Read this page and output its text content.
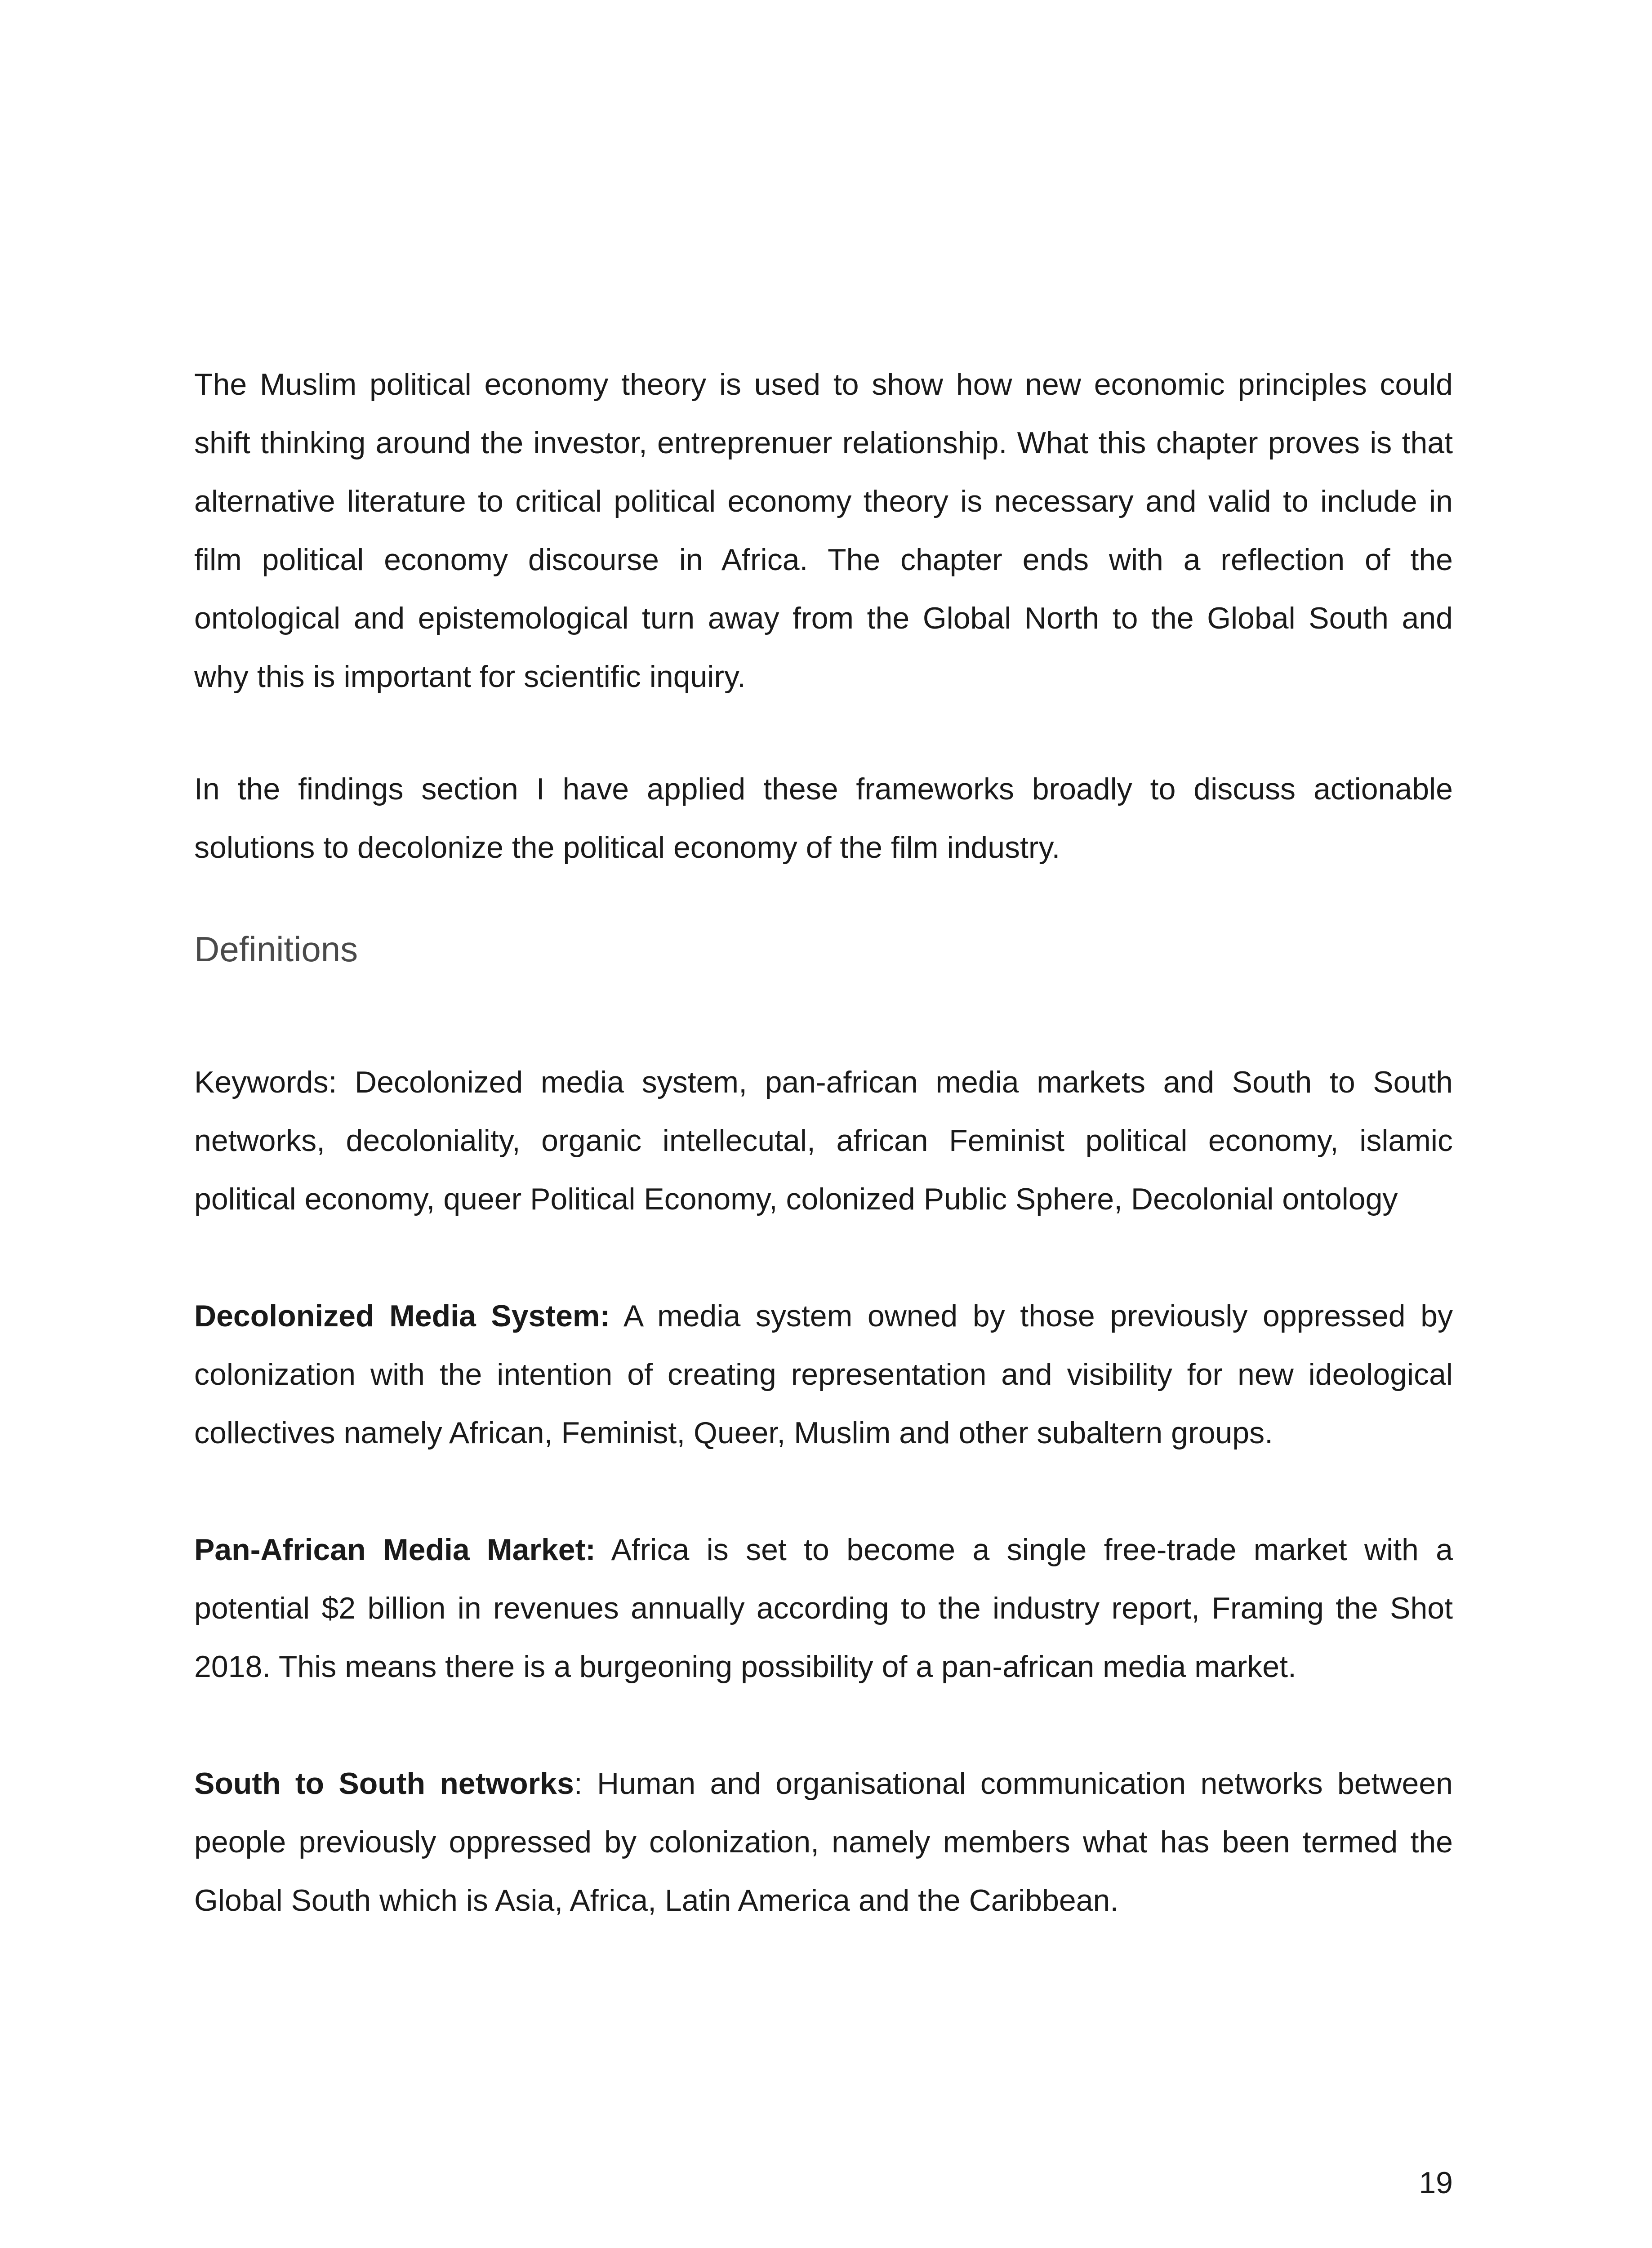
The Muslim political economy theory is used to show how new economic principles could shift thinking around the investor, entreprenuer relationship. What this chapter proves is that alternative literature to critical political economy theory is necessary and valid to include in film political economy discourse in Africa. The chapter ends with a reflection of the ontological and epistemological turn away from the Global North to the Global South and why this is important for scientific inquiry.

In the findings section I have applied these frameworks broadly to discuss actionable solutions to decolonize the political economy of the film industry.

Definitions

Keywords: Decolonized media system, pan-african media markets and South to South networks, decoloniality, organic intellecutal, african Feminist political economy, islamic political economy, queer Political Economy, colonized Public Sphere, Decolonial ontology

Decolonized Media System: A media system owned by those previously oppressed by colonization with the intention of creating representation and visibility for new ideological collectives namely African, Feminist, Queer, Muslim and other subaltern groups.

Pan-African Media Market: Africa is set to become a single free-trade market with a potential $2 billion in revenues annually according to the industry report, Framing the Shot 2018. This means there is a burgeoning possibility of a pan-african media market.

South to South networks: Human and organisational communication networks between people previously oppressed by colonization, namely members what has been termed the Global South which is Asia, Africa, Latin America and the Caribbean.

19
